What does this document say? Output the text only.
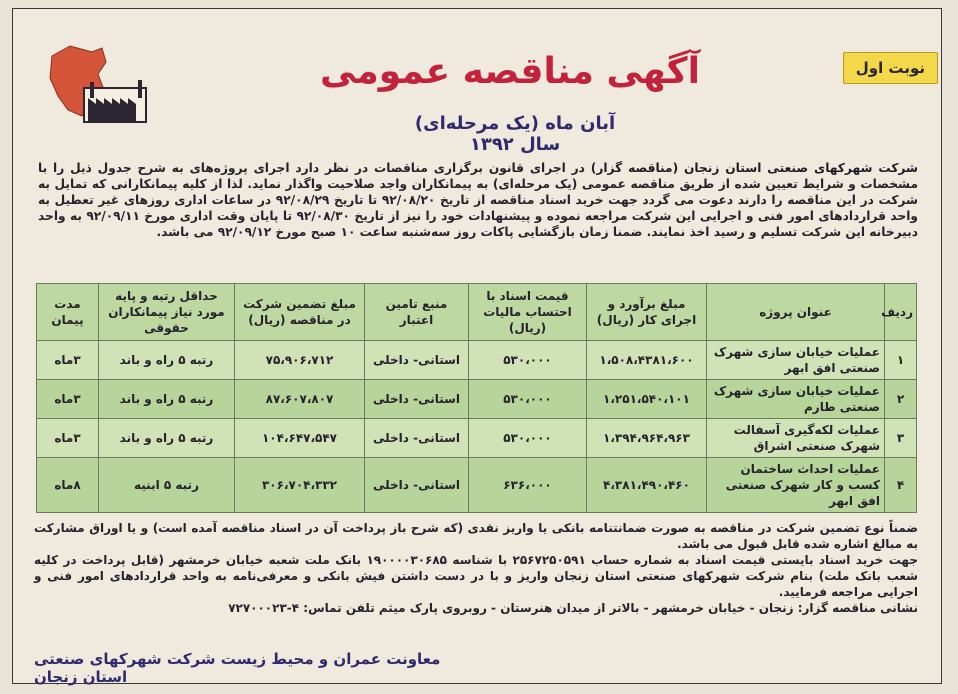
نوبت اول
آگهی مناقصه عمومی
(یک مرحله‌ای) آبان ماه سال ۱۳۹۲
شرکت شهرکهای صنعتی استان زنجان (مناقصه گزار) در اجرای قانون برگزاری مناقصات در نظر دارد اجرای پروژه‌های به شرح جدول ذیل را با مشخصات و شرایط تعیین شده از طریق مناقصه عمومی (یک مرحله‌ای) به پیمانکاران واجد صلاحیت واگذار نماید. لذا از کلیه پیمانکارانی که تمایل به شرکت در این مناقصه را دارند دعوت می گردد جهت خرید اسناد مناقصه از تاریخ ۹۲/۰۸/۲۰ تا تاریخ ۹۲/۰۸/۲۹ در ساعات اداری روزهای غیر تعطیل به واحد قراردادهای امور فنی و اجرایی این شرکت مراجعه نموده و پیشنهادات خود را نیز از تاریخ ۹۲/۰۸/۳۰ تا پایان وقت اداری مورخ ۹۲/۰۹/۱۱ به واحد دبیرخانه این شرکت تسلیم و رسید اخذ نمایند. ضمنا زمان بازگشایی پاکات روز سه‌شنبه ساعت ۱۰ صبح مورخ ۹۲/۰۹/۱۲ می باشد.
ردیف	عنوان پروژه	مبلغ برآورد و اجرای کار (ریال)	قیمت اسناد با احتساب مالیات (ریال)	منبع تامین اعتبار	مبلغ تضمین شرکت در مناقصه (ریال)	حداقل رتبه و پایه مورد نیاز پیمانکاران حقوقی	مدت پیمان
۱	عملیات خیابان سازی شهرک صنعتی افق ابهر	۱،۵۰۸،۴۳۸۱،۶۰۰	۵۳۰،۰۰۰	استانی- داخلی	۷۵،۹۰۶،۷۱۲	رتبه ۵ راه و باند	۳ماه
۲	عملیات خیابان سازی شهرک صنعتی طارم	۱،۲۵۱،۵۴۰،۱۰۱	۵۳۰،۰۰۰	استانی- داخلی	۸۷،۶۰۷،۸۰۷	رتبه ۵ راه و باند	۳ماه
۳	عملیات لکه‌گیری آسفالت شهرک صنعتی اشراق	۱،۳۹۴،۹۶۴،۹۶۳	۵۳۰،۰۰۰	استانی- داخلی	۱۰۴،۶۴۷،۵۴۷	رتبه ۵ راه و باند	۳ماه
۴	عملیات احداث ساختمان کسب و کار شهرک صنعتی افق ابهر	۴،۳۸۱،۴۹۰،۴۶۰	۶۳۶،۰۰۰	استانی- داخلی	۳۰۶،۷۰۴،۳۳۲	رتبه ۵ ابنیه	۸ماه
ضمناً نوع تضمین شرکت در مناقصه به صورت ضمانتنامه بانکی یا واریز نقدی (که شرح باز پرداخت آن در اسناد مناقصه آمده است) و یا اوراق مشارکت به مبالغ اشاره شده قابل قبول می باشد.
جهت خرید اسناد بایستی قیمت اسناد به شماره حساب ۲۵۶۷۲۵۰۵۹۱ با شناسه ۱۹۰۰۰۰۳۰۶۸۵ بانک ملت شعبه خیابان خرمشهر (قابل پرداخت در کلیه شعب بانک ملت) بنام شرکت شهرکهای صنعتی استان زنجان واریز و با در دست داشتن فیش بانکی و معرفی‌نامه به واحد قراردادهای امور فنی و اجرایی مراجعه فرمایید.
نشانی مناقصه گزار: زنجان - خیابان خرمشهر - بالاتر از میدان هنرستان - روبروی پارک میثم تلفن تماس: ۴-۷۲۷۰۰۰۲۳
معاونت عمران و محیط زیست شرکت شهرکهای صنعتی استان زنجان
